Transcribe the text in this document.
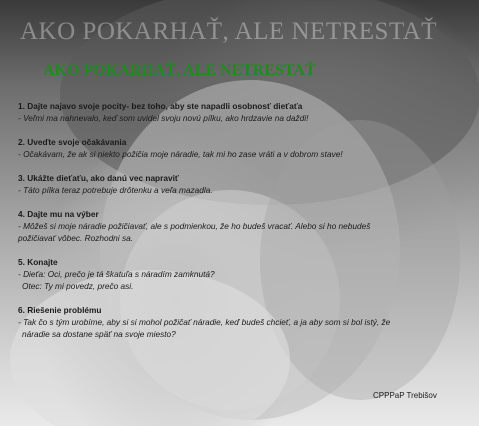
AKO POKARHAŤ, ALE NETRESTAŤ
AKO POKARHAŤ, ALE NETRESTAŤ
1. Dajte najavo svoje pocity- bez toho, aby ste napadli osobnosť dieťaťa
- Veľmi ma nahnevalo, keď som uvidel svoju novú pílku, ako hrdzavie na daždi!
2. Uveďte svoje očakávania
- Očakávam, že ak si niekto požičia moje náradie, tak mi ho zase vráti a v dobrom stave!
3. Ukážte dieťaťu, ako danú vec napraviť
- Táto pílka teraz potrebuje drôtenku a veľa mazadla.
4. Dajte mu na výber
- Môžeš si moje náradie požičiavať, ale s podmienkou, že ho budeš vracať. Alebo si ho nebudeš
požičiavať vôbec. Rozhodni sa.
5. Konajte
- Dieťa: Oci, prečo je tá škatuľa s náradím zamknutá?
Otec: Ty mi povedz, prečo asi.
6. Riešenie problému
- Tak čo s tým urobíme, aby si si mohol požičať náradie, keď budeš chcieť, a ja aby som si bol istý, že
náradie sa dostane späť na svoje miesto?
CPPPaP Trebišov
